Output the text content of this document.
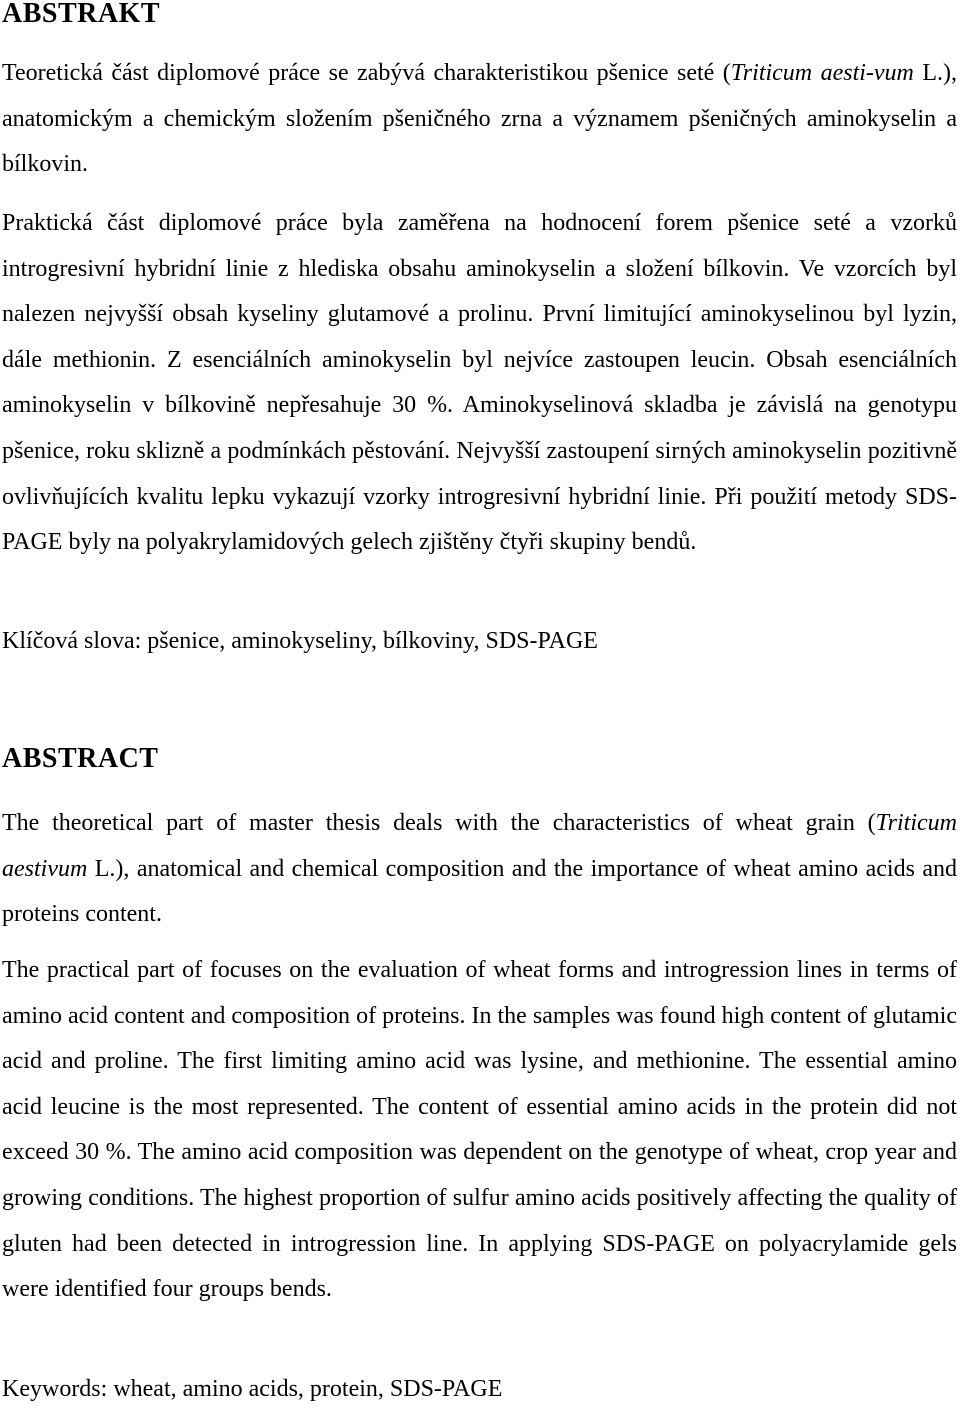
ABSTRAKT

Teoretická část diplomové práce se zabývá charakteristikou pšenice seté (Triticum aesti-vum L.), anatomickým a chemickým složením pšeničného zrna a významem pšeničných aminokyselin a bílkovin.

Praktická část diplomové práce byla zaměřena na hodnocení forem pšenice seté a vzorků introgresivní hybridní linie z hlediska obsahu aminokyselin a složení bílkovin. Ve vzorcích byl nalezen nejvyšší obsah kyseliny glutamové a prolinu. První limitující aminokyselinou byl lyzin, dále methionin. Z esenciálních aminokyselin byl nejvíce zastoupen leucin. Obsah esenciálních aminokyselin v bílkovině nepřesahuje 30 %. Aminokyselinová skladba je závislá na genotypu pšenice, roku sklizně a podmínkách pěstování. Nejvyšší zastoupení sirných aminokyselin pozitivně ovlivňujících kvalitu lepku vykazují vzorky introgresivní hybridní linie. Při použití metody SDS-PAGE byly na polyakrylamidových gelech zjištěny čtyři skupiny bendů.

Klíčová slova: pšenice, aminokyseliny, bílkoviny, SDS-PAGE

ABSTRACT

The theoretical part of master thesis deals with the characteristics of wheat grain (Triticum aestivum L.), anatomical and chemical composition and the importance of wheat amino acids and proteins content.

The practical part of focuses on the evaluation of wheat forms and introgression lines in terms of amino acid content and composition of proteins. In the samples was found high content of glutamic acid and proline. The first limiting amino acid was lysine, and methionine. The essential amino acid leucine is the most represented. The content of essential amino acids in the protein did not exceed 30 %. The amino acid composition was dependent on the genotype of wheat, crop year and growing conditions. The highest proportion of sulfur amino acids positively affecting the quality of gluten had been detected in introgression line. In applying SDS-PAGE on polyacrylamide gels were identified four groups bends.

Keywords: wheat, amino acids, protein, SDS-PAGE
